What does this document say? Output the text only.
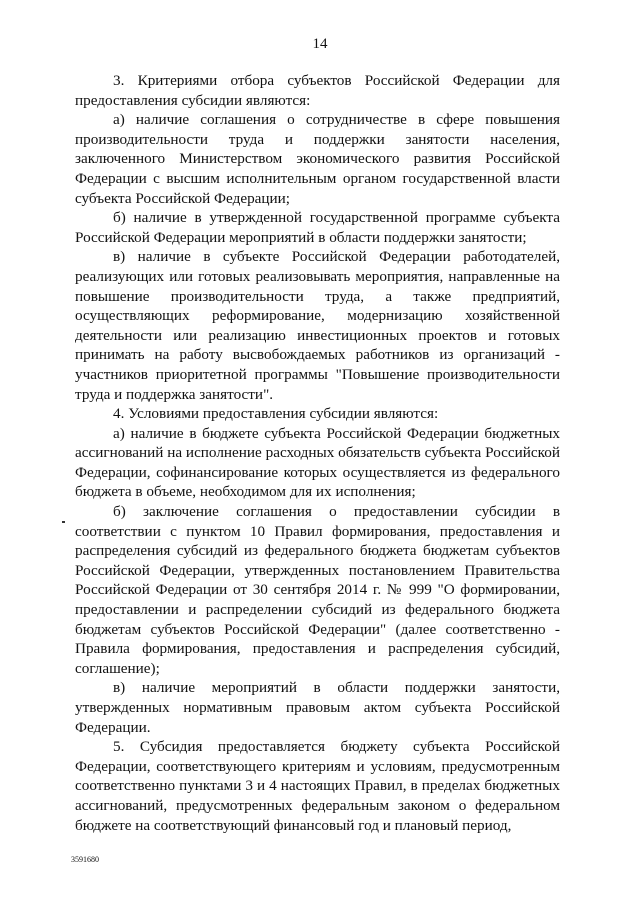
14

3. Критериями отбора субъектов Российской Федерации для предоставления субсидии являются:

а) наличие соглашения о сотрудничестве в сфере повышения производительности труда и поддержки занятости населения, заключенного Министерством экономического развития Российской Федерации с высшим исполнительным органом государственной власти субъекта Российской Федерации;

б) наличие в утвержденной государственной программе субъекта Российской Федерации мероприятий в области поддержки занятости;

в) наличие в субъекте Российской Федерации работодателей, реализующих или готовых реализовывать мероприятия, направленные на повышение производительности труда, а также предприятий, осуществляющих реформирование, модернизацию хозяйственной деятельности или реализацию инвестиционных проектов и готовых принимать на работу высвобождаемых работников из организаций - участников приоритетной программы "Повышение производительности труда и поддержка занятости".

4. Условиями предоставления субсидии являются:

а) наличие в бюджете субъекта Российской Федерации бюджетных ассигнований на исполнение расходных обязательств субъекта Российской Федерации, софинансирование которых осуществляется из федерального бюджета в объеме, необходимом для их исполнения;

б) заключение соглашения о предоставлении субсидии в соответствии с пунктом 10 Правил формирования, предоставления и распределения субсидий из федерального бюджета бюджетам субъектов Российской Федерации, утвержденных постановлением Правительства Российской Федерации от 30 сентября 2014 г. № 999 "О формировании, предоставлении и распределении субсидий из федерального бюджета бюджетам субъектов Российской Федерации" (далее соответственно - Правила формирования, предоставления и распределения субсидий, соглашение);

в) наличие мероприятий в области поддержки занятости, утвержденных нормативным правовым актом субъекта Российской Федерации.

5. Субсидия предоставляется бюджету субъекта Российской Федерации, соответствующего критериям и условиям, предусмотренным соответственно пунктами 3 и 4 настоящих Правил, в пределах бюджетных ассигнований, предусмотренных федеральным законом о федеральном бюджете на соответствующий финансовый год и плановый период,

3591680
